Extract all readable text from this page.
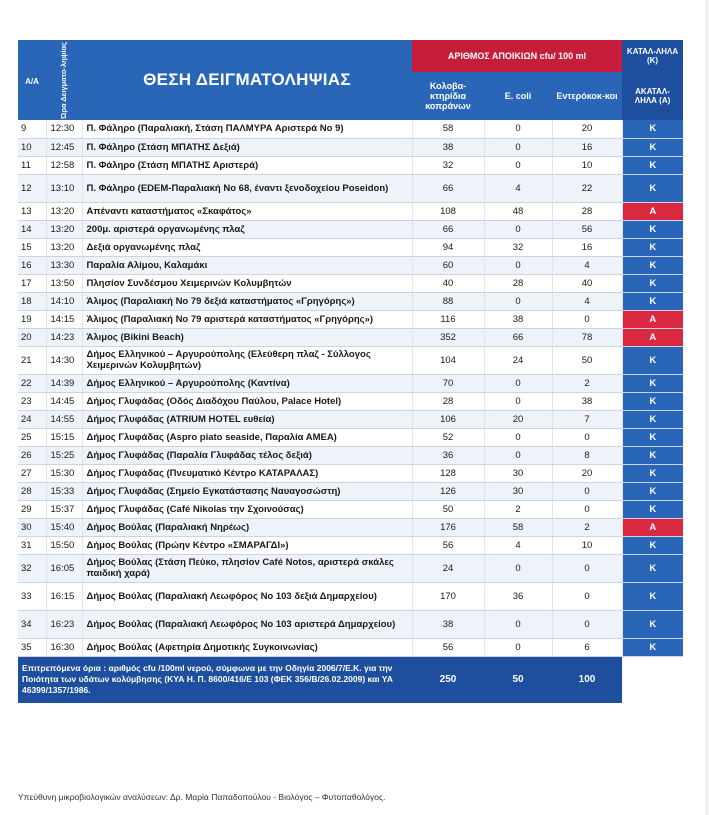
Α/Α	Ώρα Δειγματο-ληψίας	ΘΕΣΗ ΔΕΙΓΜΑΤΟΛΗΨΙΑΣ	ΑΡΙΘΜΟΣ ΑΠΟΙΚΙΩΝ cfu/ 100 ml			ΚΑΤΑΛ-ΛΗΛΑ (Κ)
			Κολοβα-κτηρίδια κοπράνων	E. coli	Εντερόκοκ-κοι	ΑΚΑΤΑΛ-ΛΗΛΑ (Α)
9	12:30	Π. Φάληρο (Παραλιακή, Στάση ΠΑΛΜΥΡΑ Αριστερά Νο 9)	58	0	20	Κ
10	12:45	Π. Φάληρο (Στάση ΜΠΑΤΗΣ Δεξιά)	38	0	16	Κ
11	12:58	Π. Φάληρο (Στάση ΜΠΑΤΗΣ Αριστερά)	32	0	10	Κ
12	13:10	Π. Φάληρο (EDEM-Παραλιακή Νο 68, έναντι ξενοδοχείου Poseidon)	66	4	22	Κ
13	13:20	Απέναντι καταστήματος «Σκαφάτος»	108	48	28	Α
14	13:20	200μ. αριστερά οργανωμένης πλαζ	66	0	56	Κ
15	13:20	Δεξιά οργανωμένης πλαζ	94	32	16	Κ
16	13:30	Παραλία Αλίμου, Καλαμάκι	60	0	4	Κ
17	13:50	Πλησίον Συνδέσμου Χειμερινών Κολυμβητών	40	28	40	Κ
18	14:10	Άλιμος (Παραλιακή Νο 79 δεξιά καταστήματος «Γρηγόρης»)	88	0	4	Κ
19	14:15	Άλιμος (Παραλιακή Νο 79 αριστερά καταστήματος «Γρηγόρης»)	116	38	0	Α
20	14:23	Άλιμος (Bikini Beach)	352	66	78	Α
21	14:30	Δήμος Ελληνικού – Αργυρούπολης (Ελεύθερη πλαζ - Σύλλογος Χειμερινών Κολυμβητών)	104	24	50	Κ
22	14:39	Δήμος Ελληνικού – Αργυρούπολης (Καντίνα)	70	0	2	Κ
23	14:45	Δήμος Γλυφάδας (Οδός Διαδόχου Παύλου, Palace Hotel)	28	0	38	Κ
24	14:55	Δήμος Γλυφάδας (ATRIUM HOTEL ευθεία)	106	20	7	Κ
25	15:15	Δήμος Γλυφάδας (Aspro piato seaside, Παραλία ΑΜΕΑ)	52	0	0	Κ
26	15:25	Δήμος Γλυφάδας (Παραλία Γλυφάδας τέλος δεξιά)	36	0	8	Κ
27	15:30	Δήμος Γλυφάδας (Πνευματικό Κέντρο ΚΑΤΑΡΑΛΑΣ)	128	30	20	Κ
28	15:33	Δήμος Γλυφάδας (Σημείο Εγκατάστασης Ναυαγοσώστη)	126	30	0	Κ
29	15:37	Δήμος Γλυφάδας (Café Nikolas την Σχοινούσας)	50	2	0	Κ
30	15:40	Δήμος Βούλας (Παραλιακή Νηρέως)	176	58	2	Α
31	15:50	Δήμος Βούλας (Πρώην Κέντρο «ΣΜΑΡΑΓΔΙ»)	56	4	10	Κ
32	16:05	Δήμος Βούλας (Στάση Πεύκο, πλησίον Café Notos, αριστερά σκάλες παιδική χαρά)	24	0	0	Κ
33	16:15	Δήμος Βούλας (Παραλιακή Λεωφόρος Νο 103 δεξιά Δημαρχείου)	170	36	0	Κ
34	16:23	Δήμος Βούλας (Παραλιακή Λεωφόρος Νο 103 αριστερά Δημαρχείου)	38	0	0	Κ
35	16:30	Δήμος Βούλας (Αφετηρία Δημοτικής Συγκοινωνίας)	56	0	6	Κ
Επιτρεπόμενα όρια : αριθμός cfu /100ml νερού, σύμφωνα με την Οδηγία 2006/7/Ε.Κ. για την Ποιότητα των υδάτων κολύμβησης (ΚΥΑ Η. Π. 8600/416/Ε 103 (ΦΕΚ 356/Β/26.02.2009) και ΥΑ 46399/1357/1986.			250	50	100	
Υπεύθυνη μικροβιολογικών αναλύσεων: Δρ. Μαρία Παπαδοπούλου - Βιολόγος – Φυτοπαθολόγος.
